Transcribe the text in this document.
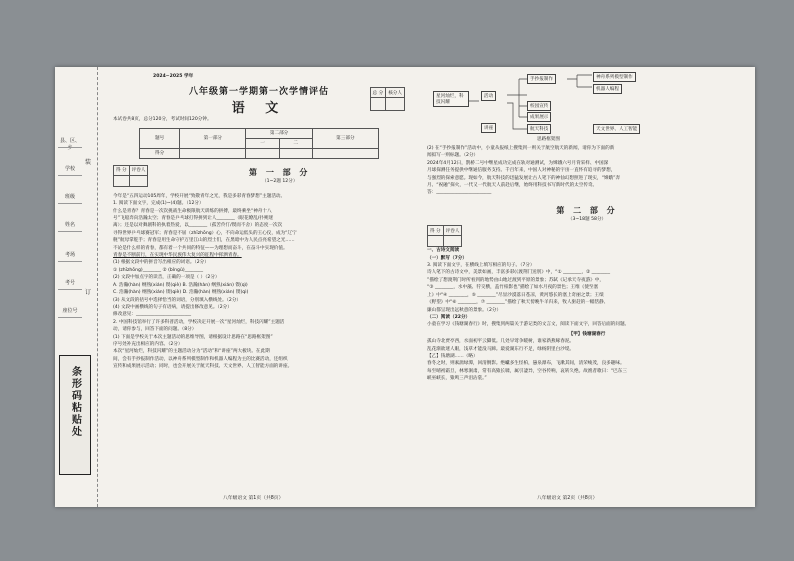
县、区、乡
学校
班级
姓名
考场
考号
座位号
装
订
条形码粘贴处
2024~2025 学年
总 分	核分人

八年级第一学期第一次学情评估
语 文
本试卷共8页，总分120分，考试时间120分钟。
题号	第一部分	第二部分		第三部分
		一	二	
得分				
得 分	评卷人
		第 一 部 分
（1~2题 12分）

今年是“五四运动105周年，学校开展“致敬青年之光，我是多彩青春梦想”主题活动。

1. 阅读下面文字，完成(1)~(4)题。（12分）

什么是青春？青春是一次次挑战生命极限航天训练的拼搏，最终乘坐“神舟十八

号”飞船奔向浩瀚太空；青春是乒乓球打得拼到让人________（眼花缭乱/扑朔迷

离）；还是以对舞剧科的执着热爱，以________（孤苦伶仃/锲而不舍）的态度一次次

寻得世界乒乓球赛冠军；青春是不屈（zhīzhōng）心，不向命运低头的王心仪，成为“辽宁

舰”航母掌舵手；青春是用生命守护万里江山的烈士们，在黑暗中为人民点亮希望之光……

不论是什么样的青春，都有着一个共同的特征——为理想而奋斗，在奋斗中实现价值。

青春是不断前行，在实现中华民族伟大复兴的征程中挥洒青春。

(1) 根据文段中的拼音写出相应的词语。（2分）

① (zhīzhōng)________ ② (bǐngǔ)________

(2) 文段中加点字的读音，正确的一项是（ ）（2分）

A. 浩瀚(hàn) 纲熟(xián) 锲(qiè) B. 浩瀚(hàn) 纲熟(xián) 锲(qì)

C. 浩瀚(hàn) 纲熟(xián) 锲(qiè) D. 浩瀚(hàn) 纲熟(xián) 锲(qì)

(3) 从文段的括号中选择恰当的词语，分别填入横线处。（2分）

(4) 文段中画横线的句子有语病，请提出修改意见。（2分）

修改意见：________________________

2. 中国科技馆举行了许多科普活动，学校决定开展一次“星河灿烂，科技闪耀”主题活

动，请你参与，回答下面的问题。（8分）

(1) 下面是学校关于本次主题活动的思维导图，请根据设计思路在“思路框架图”

序号处补充出相应的内容。（2分）

本次“星河灿烂，科技闪耀”的主题活动分为“活动”和“讲座”两大板块。在此期

间，会有手抄报制作活动，以神舟系列模型制作和机器人编程为主的比赛活动，还组织

宣传和成果展示活动；同时，也会开展关于航天科技、天文世界、人工智能方面的讲座。

八年级语文 第1页（共8页）
星河灿烂，科技闪耀
活动
手抄报制作	神舟系列模型制作
机器人编程
校园宣传
成果展示
讲座	航天科技	天文世界、人工智能
思路框架图

(2) 在“手抄报制作”活动中，小童从报纸上搜集到一则关于航空航天的新闻，请你为下面的新

闻拟写一则标题。（2分）

2024年4月12日，鹊桥二号中继星成功完成在轨对通测试，为嫦娥六号月背采样、中国深

月球探测任务提供中继通信服务支持。千百年来，中国人对神秘的宇宙一直怀有追寻的梦想，

与强烈的探索意愿。现如今，航天科技的迅猛发展让古人笔下的神仙幻想照进了现实，“嫦娥”奔

月、“祝融”探火，一代又一代航天人前赴后继，始终用科技书写新时代的太空传奇。

答：________________________

第 二 部 分
（3~18题 58分）
得 分	评卷人

一、古诗文阅读
（一）默写（7分）

3. 阅读下面文字，在横线上填写相应的句子。（7分）

诗人笔下的古诗文中，美景如画，丰富多彩(《渡荆门送别》中，“① ________，② ________

”描绘了想渡荆门时所看到的地势由山地过渡到平原的景象；苏轼《记承天寺夜游》中，

“③ ________，水中藻、荇交横，盖竹柏影也”描绘了如水月夜的景色；王维《使至塞

上》中“④ ________，⑤ ________”尽显沙漠落日苍凉，黄河悠长的塞上奇丽之景；王绩

《野望》中“⑥ ________，⑦ ________”描绘了秋天傍晚牛羊归来，牧人驱赶的一幅恬静、

廉山都呈现出远秋意的景象。（2分）

（二）阅读（22分）
小童在学习《钱塘湖春行》时，搜集到两篇关于游记类的文言文，阅读下面文字，回答后面的问题。
【甲】钱塘湖春行

孤山寺北贾亭西，水面初平云脚低。几处早莺争暖树，谁家新燕啄春泥。

乱花渐欲迷人眼，浅草才能没马蹄。最爱湖东行不足，绿杨阴里白沙堤。

【乙】钱塘湖……（略）

春冬之时，则素湍绿潭，回清倒影。绝巘多生怪柏，悬泉瀑布，飞漱其间，清荣峻茂，良多趣味。

每至晴初霜旦，林寒涧肃，常有高猿长啸，属引凄异，空谷传响，哀转久绝。故渔者歌曰：“巴东三

峡巫峡长，猿鸣三声泪沾裳。”

八年级语文 第2页（共8页）
